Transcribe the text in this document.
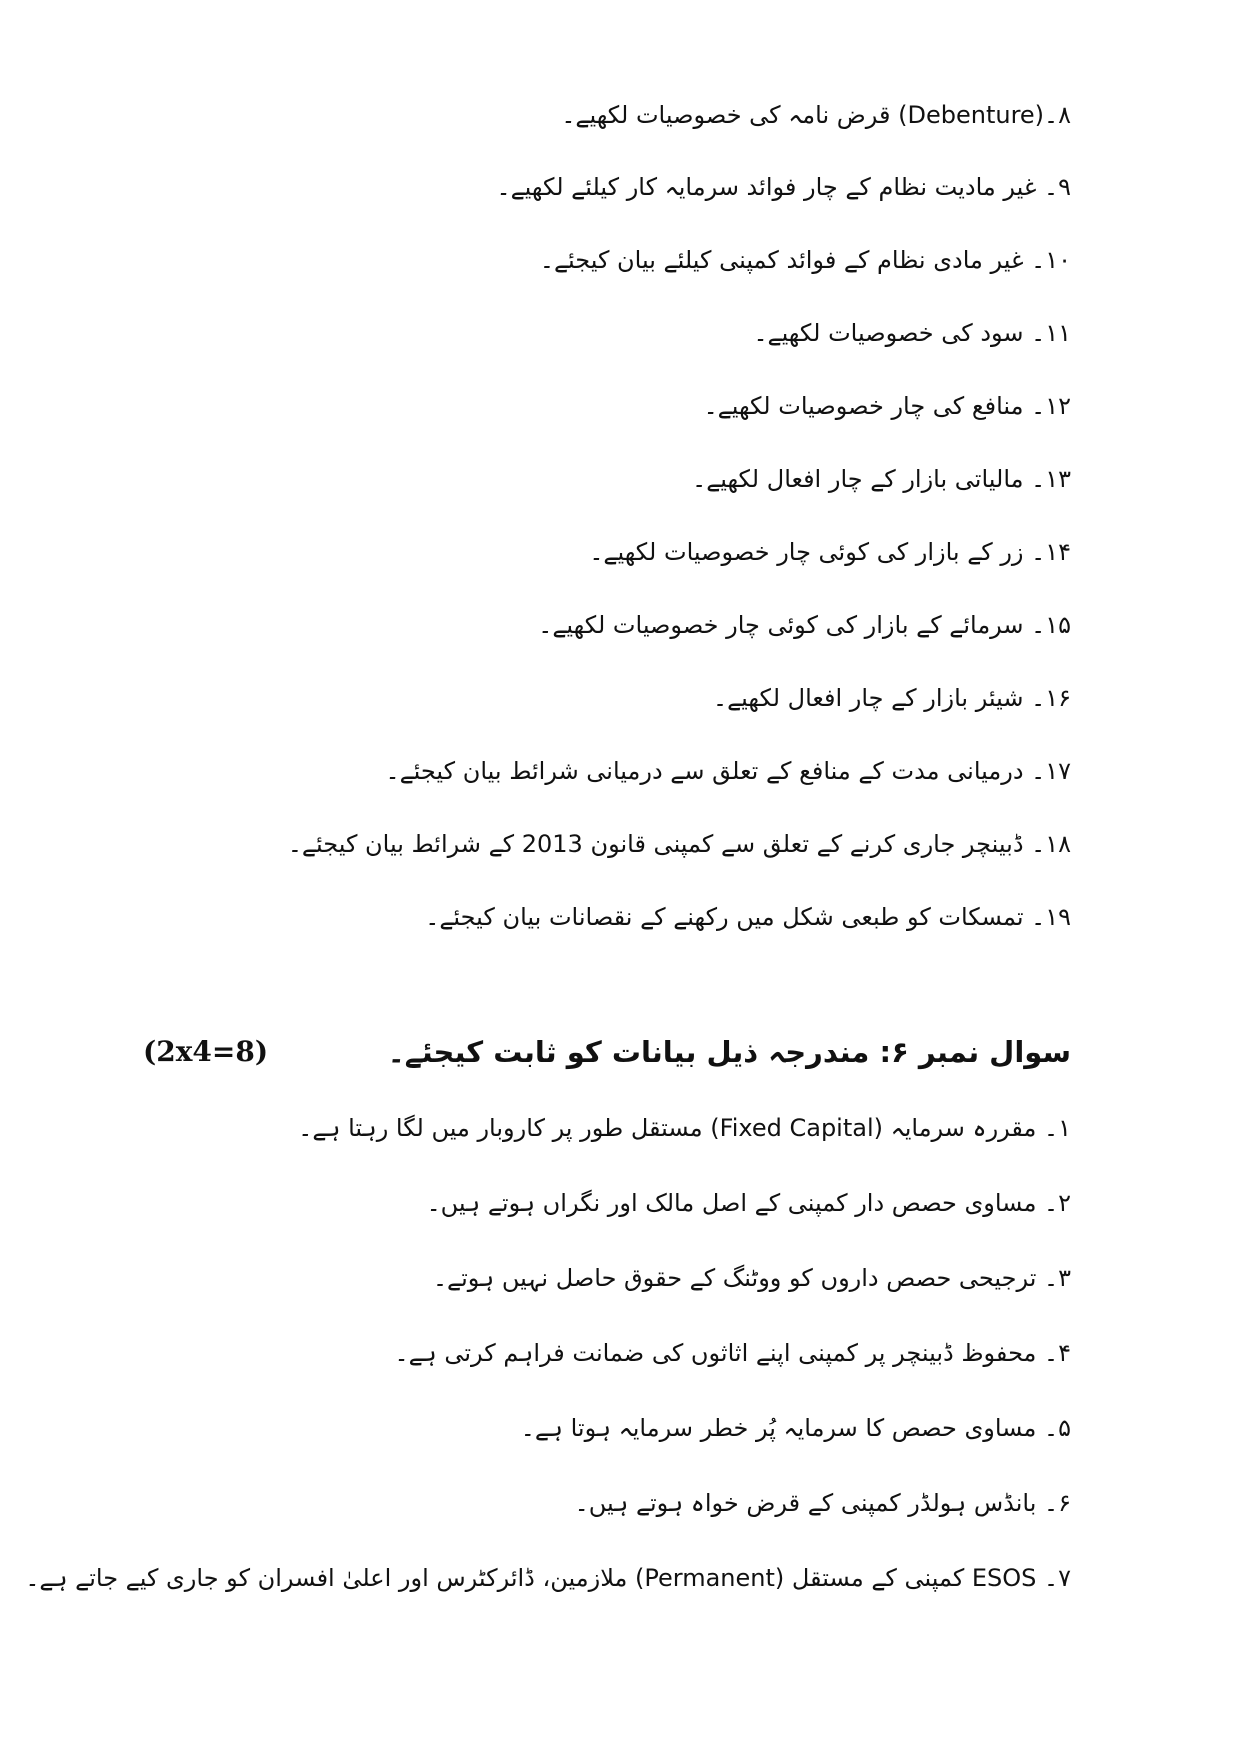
۸۔(Debenture) قرض نامہ کی خصوصیات لکھیے۔
۹۔ غیر مادیت نظام کے چار فوائد سرمایہ کار کیلئے لکھیے۔
۱۰۔ غیر مادی نظام کے فوائد کمپنی کیلئے بیان کیجئے۔
۱۱۔ سود کی خصوصیات لکھیے۔
۱۲۔ منافع کی چار خصوصیات لکھیے۔
۱۳۔ مالیاتی بازار کے چار افعال لکھیے۔
۱۴۔ زر کے بازار کی کوئی چار خصوصیات لکھیے۔
۱۵۔ سرمائے کے بازار کی کوئی چار خصوصیات لکھیے۔
۱۶۔ شیئر بازار کے چار افعال لکھیے۔
۱۷۔ درمیانی مدت کے منافع کے تعلق سے درمیانی شرائط بیان کیجئے۔
۱۸۔ ڈبینچر جاری کرنے کے تعلق سے کمپنی قانون 2013 کے شرائط بیان کیجئے۔
۱۹۔ تمسکات کو طبعی شکل میں رکھنے کے نقصانات بیان کیجئے۔
سوال نمبر ۶: مندرجہ ذیل بیانات کو ثابت کیجئے۔
(2x4=8)
۱۔ مقررہ سرمایہ (Fixed Capital) مستقل طور پر کاروبار میں لگا رہتا ہے۔
۲۔ مساوی حصص دار کمپنی کے اصل مالک اور نگراں ہوتے ہیں۔
۳۔ ترجیحی حصص داروں کو ووٹنگ کے حقوق حاصل نہیں ہوتے۔
۴۔ محفوظ ڈبینچر پر کمپنی اپنے اثاثوں کی ضمانت فراہم کرتی ہے۔
۵۔ مساوی حصص کا سرمایہ پُر خطر سرمایہ ہوتا ہے۔
۶۔ بانڈس ہولڈر کمپنی کے قرض خواہ ہوتے ہیں۔
۷۔ ESOS کمپنی کے مستقل (Permanent) ملازمین، ڈائرکٹرس اور اعلیٰ افسران کو جاری کیے جاتے ہے۔
